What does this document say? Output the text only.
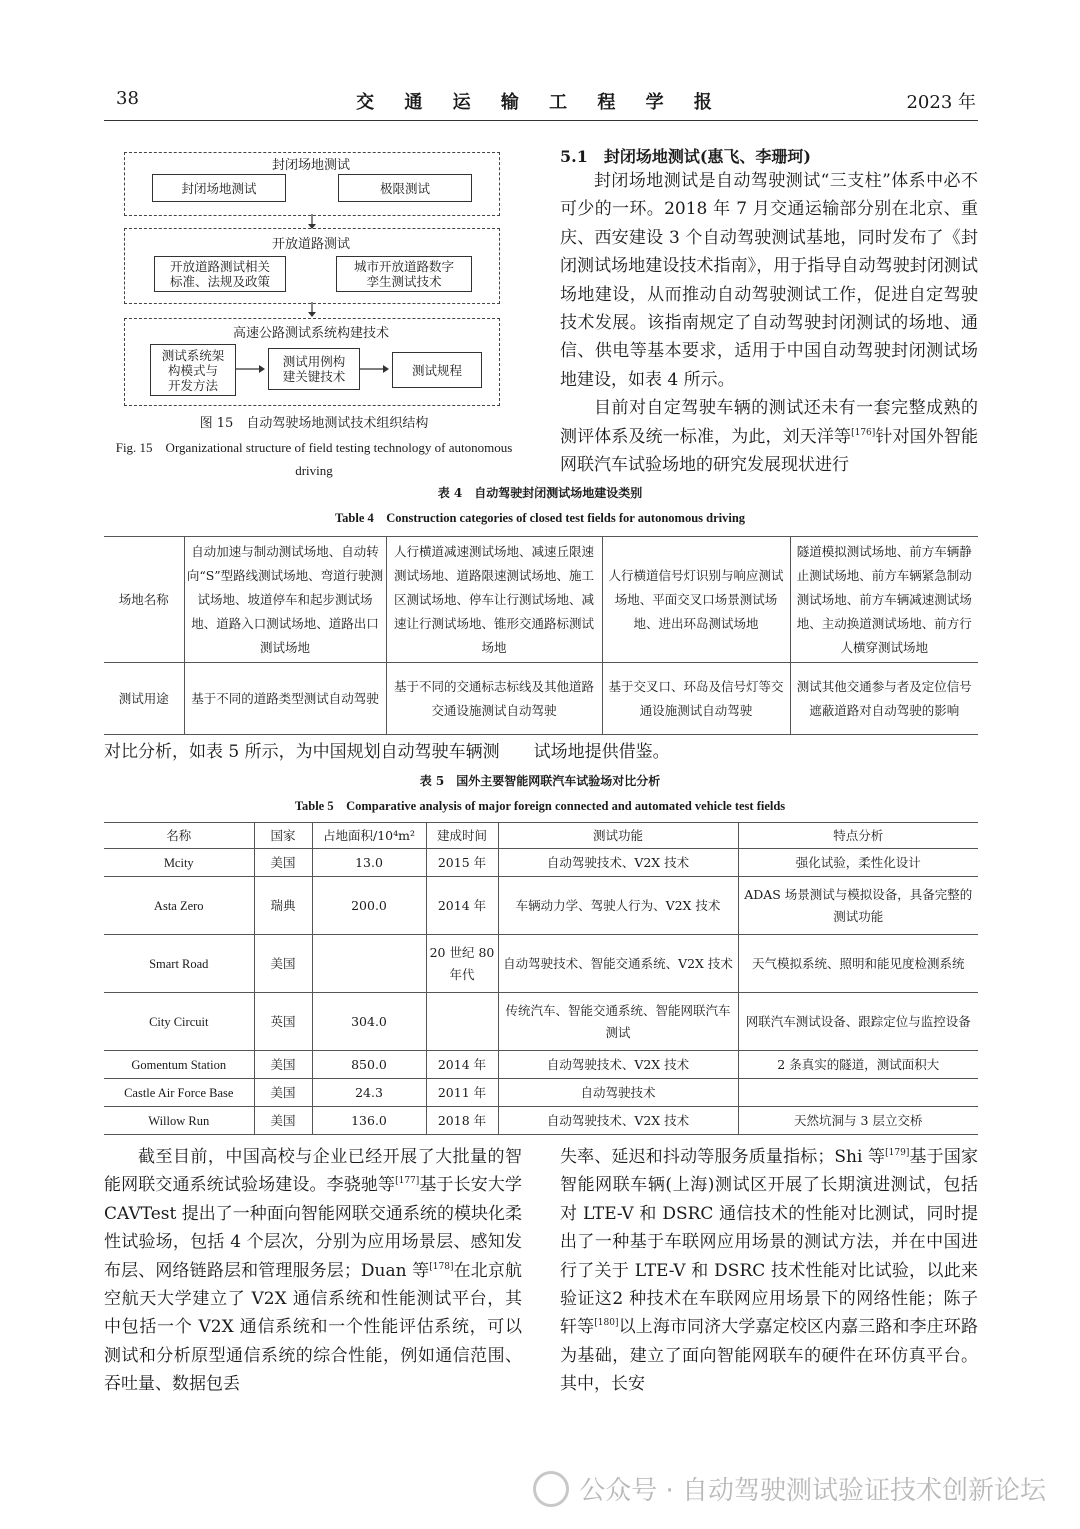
38	交 通 运 输 工 程 学 报	2023 年
封闭场地测试
封闭场地测试	极限测试
开放道路测试
开放道路测试相关
标准、法规及政策
城市开放道路数字
孪生测试技术
高速公路测试系统构建技术
测试系统架
构模式与
开发方法
测试用例构
建关键技术	测试规程
图 15　自动驾驶场地测试技术组织结构
Fig. 15　Organizational structure of field testing technology of autonomous driving
5.1　封闭场地测试(惠飞、李珊珂)

封闭场地测试是自动驾驶测试“三支柱”体系中必不可少的一环。2018 年 7 月交通运输部分别在北京、重庆、西安建设 3 个自动驾驶测试基地，同时发布了《封闭测试场地建设技术指南》，用于指导自动驾驶封闭测试场地建设，从而推动自动驾驶测试工作，促进自定驾驶技术发展。该指南规定了自动驾驶封闭测试的场地、通信、供电等基本要求，适用于中国自动驾驶封闭测试场地建设，如表 4 所示。

目前对自定驾驶车辆的测试还未有一套完整成熟的测评体系及统一标准，为此，刘天洋等[176]针对国外智能网联汽车试验场地的研究发展现状进行

表 4　自动驾驶封闭测试场地建设类别
Table 4　Construction categories of closed test fields for autonomous driving
场地名称	自动加速与制动测试场地、自动转向“S”型路线测试场地、弯道行驶测试场地、坡道停车和起步测试场地、道路入口测试场地、道路出口测试场地	人行横道减速测试场地、减速丘限速测试场地、道路限速测试场地、施工区测试场地、停车让行测试场地、减速让行测试场地、锥形交通路标测试场地	人行横道信号灯识别与响应测试场地、平面交叉口场景测试场地、进出环岛测试场地	隧道模拟测试场地、前方车辆静止测试场地、前方车辆紧急制动测试场地、前方车辆减速测试场地、主动换道测试场地、前方行人横穿测试场地
测试用途	基于不同的道路类型测试自动驾驶	基于不同的交通标志标线及其他道路交通设施测试自动驾驶	基于交叉口、环岛及信号灯等交通设施测试自动驾驶	测试其他交通参与者及定位信号遮蔽道路对自动驾驶的影响
对比分析，如表 5 所示，为中国规划自动驾驶车辆测　　试场地提供借鉴。
表 5　国外主要智能网联汽车试验场对比分析
Table 5　Comparative analysis of major foreign connected and automated vehicle test fields
名称	国家	占地面积/10⁴m²	建成时间	测试功能	特点分析
Mcity	美国	13.0	2015 年	自动驾驶技术、V2X 技术	强化试验，柔性化设计
Asta Zero	瑞典	200.0	2014 年	车辆动力学、驾驶人行为、V2X 技术	ADAS 场景测试与模拟设备，具备完整的测试功能
Smart Road	美国		20 世纪 80 年代	自动驾驶技术、智能交通系统、V2X 技术	天气模拟系统、照明和能见度检测系统
City Circuit	英国	304.0		传统汽车、智能交通系统、智能网联汽车测试	网联汽车测试设备、跟踪定位与监控设备
Gomentum Station	美国	850.0	2014 年	自动驾驶技术、V2X 技术	2 条真实的隧道，测试面积大
Castle Air Force Base	美国	24.3	2011 年	自动驾驶技术	
Willow Run	美国	136.0	2018 年	自动驾驶技术、V2X 技术	天然坑洞与 3 层立交桥

截至目前，中国高校与企业已经开展了大批量的智能网联交通系统试验场建设。李骁驰等[177]基于长安大学 CAVTest 提出了一种面向智能网联交通系统的模块化柔性试验场，包括 4 个层次，分别为应用场景层、感知发布层、网络链路层和管理服务层；Duan 等[178]在北京航空航天大学建立了 V2X 通信系统和性能测试平台，其中包括一个 V2X 通信系统和一个性能评估系统，可以测试和分析原型通信系统的综合性能，例如通信范围、吞吐量、数据包丢

失率、延迟和抖动等服务质量指标；Shi 等[179]基于国家智能网联车辆(上海)测试区开展了长期演进测试，包括对 LTE-V 和 DSRC 通信技术的性能对比测试，同时提出了一种基于车联网应用场景的测试方法，并在中国进行了关于 LTE-V 和 DSRC 技术性能对比试验，以此来验证这2 种技术在车联网应用场景下的网络性能；陈子轩等[180]以上海市同济大学嘉定校区内嘉三路和李庄环路为基础，建立了面向智能网联车的硬件在环仿真平台。其中，长安

公众号 · 自动驾驶测试验证技术创新论坛
